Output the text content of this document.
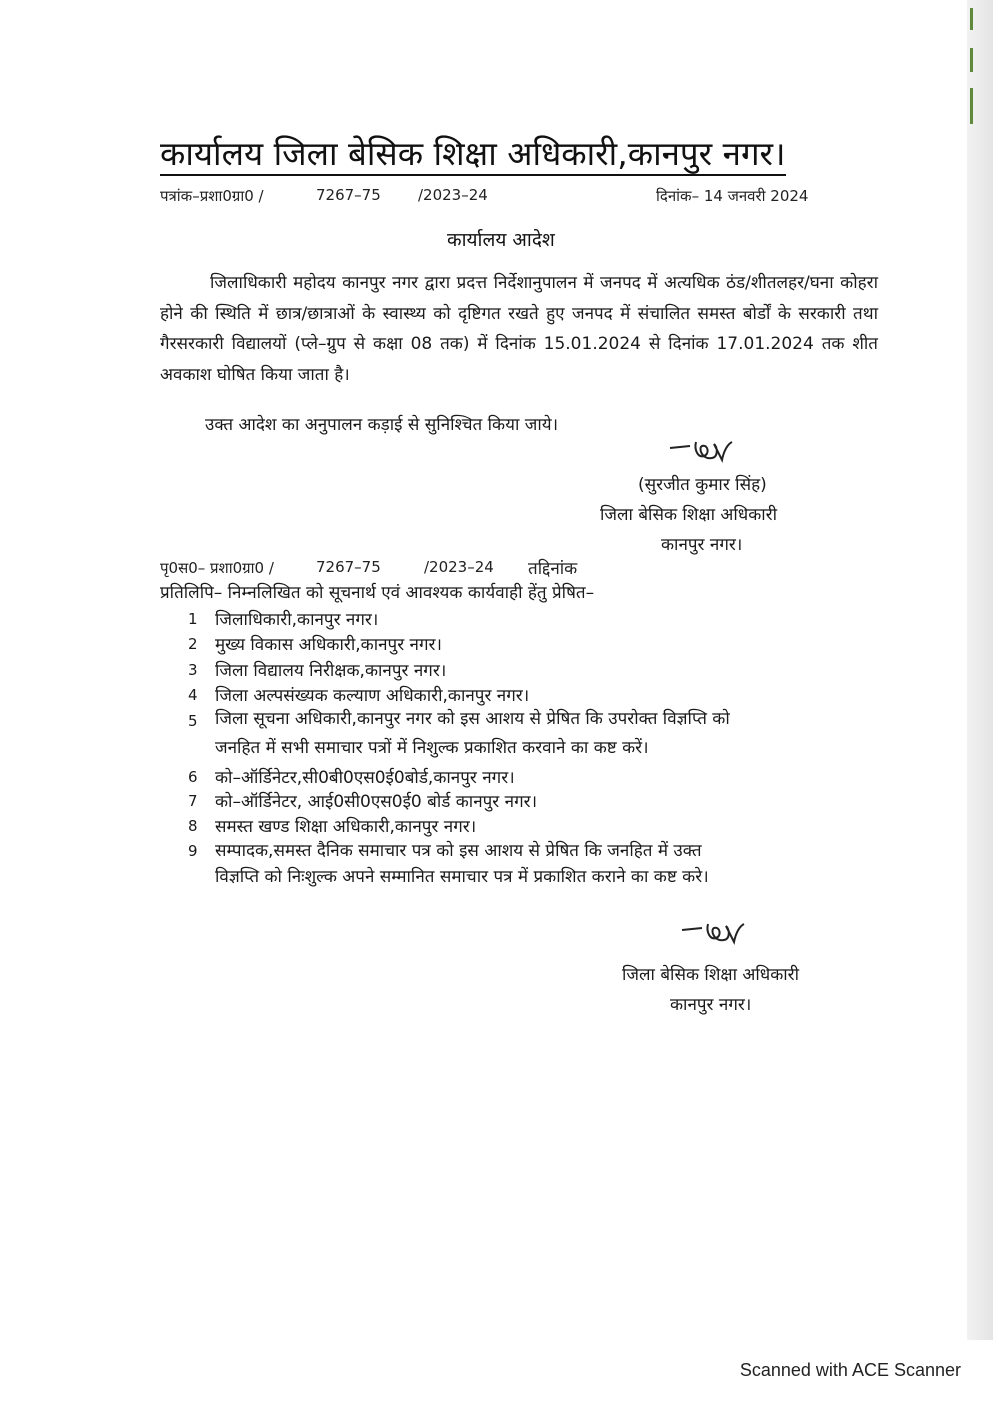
कार्यालय जिला बेसिक शिक्षा अधिकारी,कानपुर नगर।
पत्रांक–प्रशा0ग्रा0 /	7267–75 /2023–24	दिनांक– 14 जनवरी 2024
कार्यालय आदेश
जिलाधिकारी महोदय कानपुर नगर द्वारा प्रदत्त निर्देशानुपालन में जनपद में अत्यधिक ठंड/शीतलहर/घना कोहरा होने की स्थिति में छात्र/छात्राओं के स्वास्थ्य को दृष्टिगत रखते हुए जनपद में संचालित समस्त बोर्डों के सरकारी तथा गैरसरकारी विद्यालयों (प्ले–ग्रुप से कक्षा 08 तक) में दिनांक 15.01.2024 से दिनांक 17.01.2024 तक शीत अवकाश घोषित किया जाता है।
उक्त आदेश का अनुपालन कड़ाई से सुनिश्चित किया जाये।
(सुरजीत कुमार सिंह)
जिला बेसिक शिक्षा अधिकारी
कानपुर नगर।
पृ0स0– प्रशा0ग्रा0 /	7267–75	/2023–24 तद्दिनांक
प्रतिलिपि– निम्नलिखित को सूचनार्थ एवं आवश्यक कार्यवाही हेंतु प्रेषित–
1	जिलाधिकारी,कानपुर नगर।
2	मुख्य विकास अधिकारी,कानपुर नगर।
3	जिला विद्यालय निरीक्षक,कानपुर नगर।
4	जिला अल्पसंख्यक कल्याण अधिकारी,कानपुर नगर।
5	जिला सूचना अधिकारी,कानपुर नगर को इस आशय से प्रेषित कि उपरोक्त विज्ञप्ति को
जनहित में सभी समाचार पत्रों में निशुल्क प्रकाशित करवाने का कष्ट करें।
6	को–ऑर्डिनेटर,सी0बी0एस0ई0बोर्ड,कानपुर नगर।
7	को–ऑर्डिनेटर, आई0सी0एस0ई0 बोर्ड कानपुर नगर।
8	समस्त खण्ड शिक्षा अधिकारी,कानपुर नगर।
9	सम्पादक,समस्त दैनिक समाचार पत्र को इस आशय से प्रेषित कि जनहित में उक्त
विज्ञप्ति को निःशुल्क अपने सम्मानित समाचार पत्र में प्रकाशित कराने का कष्ट करे।
जिला बेसिक शिक्षा अधिकारी
कानपुर नगर।
Scanned with ACE Scanner
